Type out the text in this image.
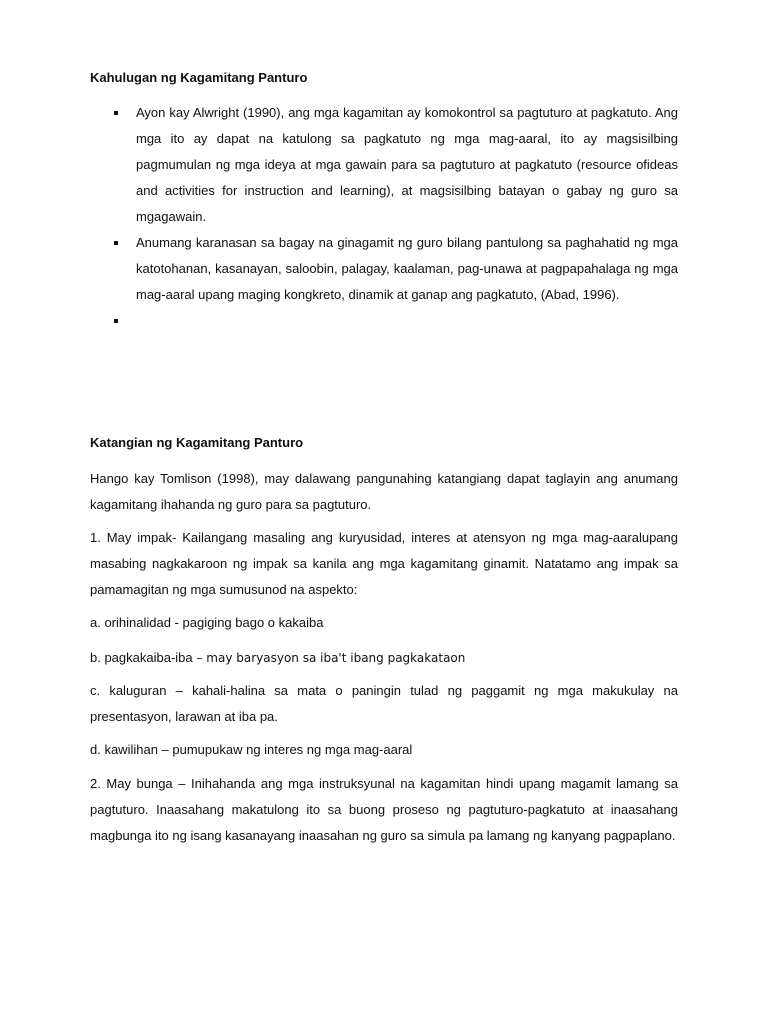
Kahulugan ng Kagamitang Panturo
Ayon kay Alwright (1990), ang mga kagamitan ay komokontrol sa pagtuturo at pagkatuto. Ang mga ito ay dapat na katulong sa pagkatuto ng mga mag-aaral, ito ay magsisilbing pagmumulan ng mga ideya at mga gawain para sa pagtuturo at pagkatuto (resource ofideas and activities for instruction and learning), at magsisilbing batayan o gabay ng guro sa mgagawain.
Anumang karanasan sa bagay na ginagamit ng guro bilang pantulong sa paghahatid ng mga katotohanan, kasanayan, saloobin, palagay, kaalaman, pag-unawa at pagpapahalaga ng mga mag-aaral upang maging kongkreto, dinamik at ganap ang pagkatuto, (Abad, 1996).
Katangian ng Kagamitang Panturo

Hango kay Tomlison (1998), may dalawang pangunahing katangiang dapat taglayin ang anumang kagamitang ihahanda ng guro para sa pagtuturo.

1. May impak- Kailangang masaling ang kuryusidad, interes at atensyon ng mga mag-aaralupang masabing nagkakaroon ng impak sa kanila ang mga kagamitang ginamit. Natatamo ang impak sa pamamagitan ng mga sumusunod na aspekto:

a. orihinalidad - pagiging bago o kakaiba

b. pagkakaiba-iba – may baryasyon sa iba't ibang pagkakataon

c. kaluguran – kahali-halina sa mata o paningin tulad ng paggamit ng mga makukulay na presentasyon, larawan at iba pa.

d. kawilihan – pumupukaw ng interes ng mga mag-aaral

2. May bunga – Inihahanda ang mga instruksyunal na kagamitan hindi upang magamit lamang sa pagtuturo. Inaasahang makatulong ito sa buong proseso ng pagtuturo-pagkatuto at inaasahang magbunga ito ng isang kasanayang inaasahan ng guro sa simula pa lamang ng kanyang pagpaplano.
